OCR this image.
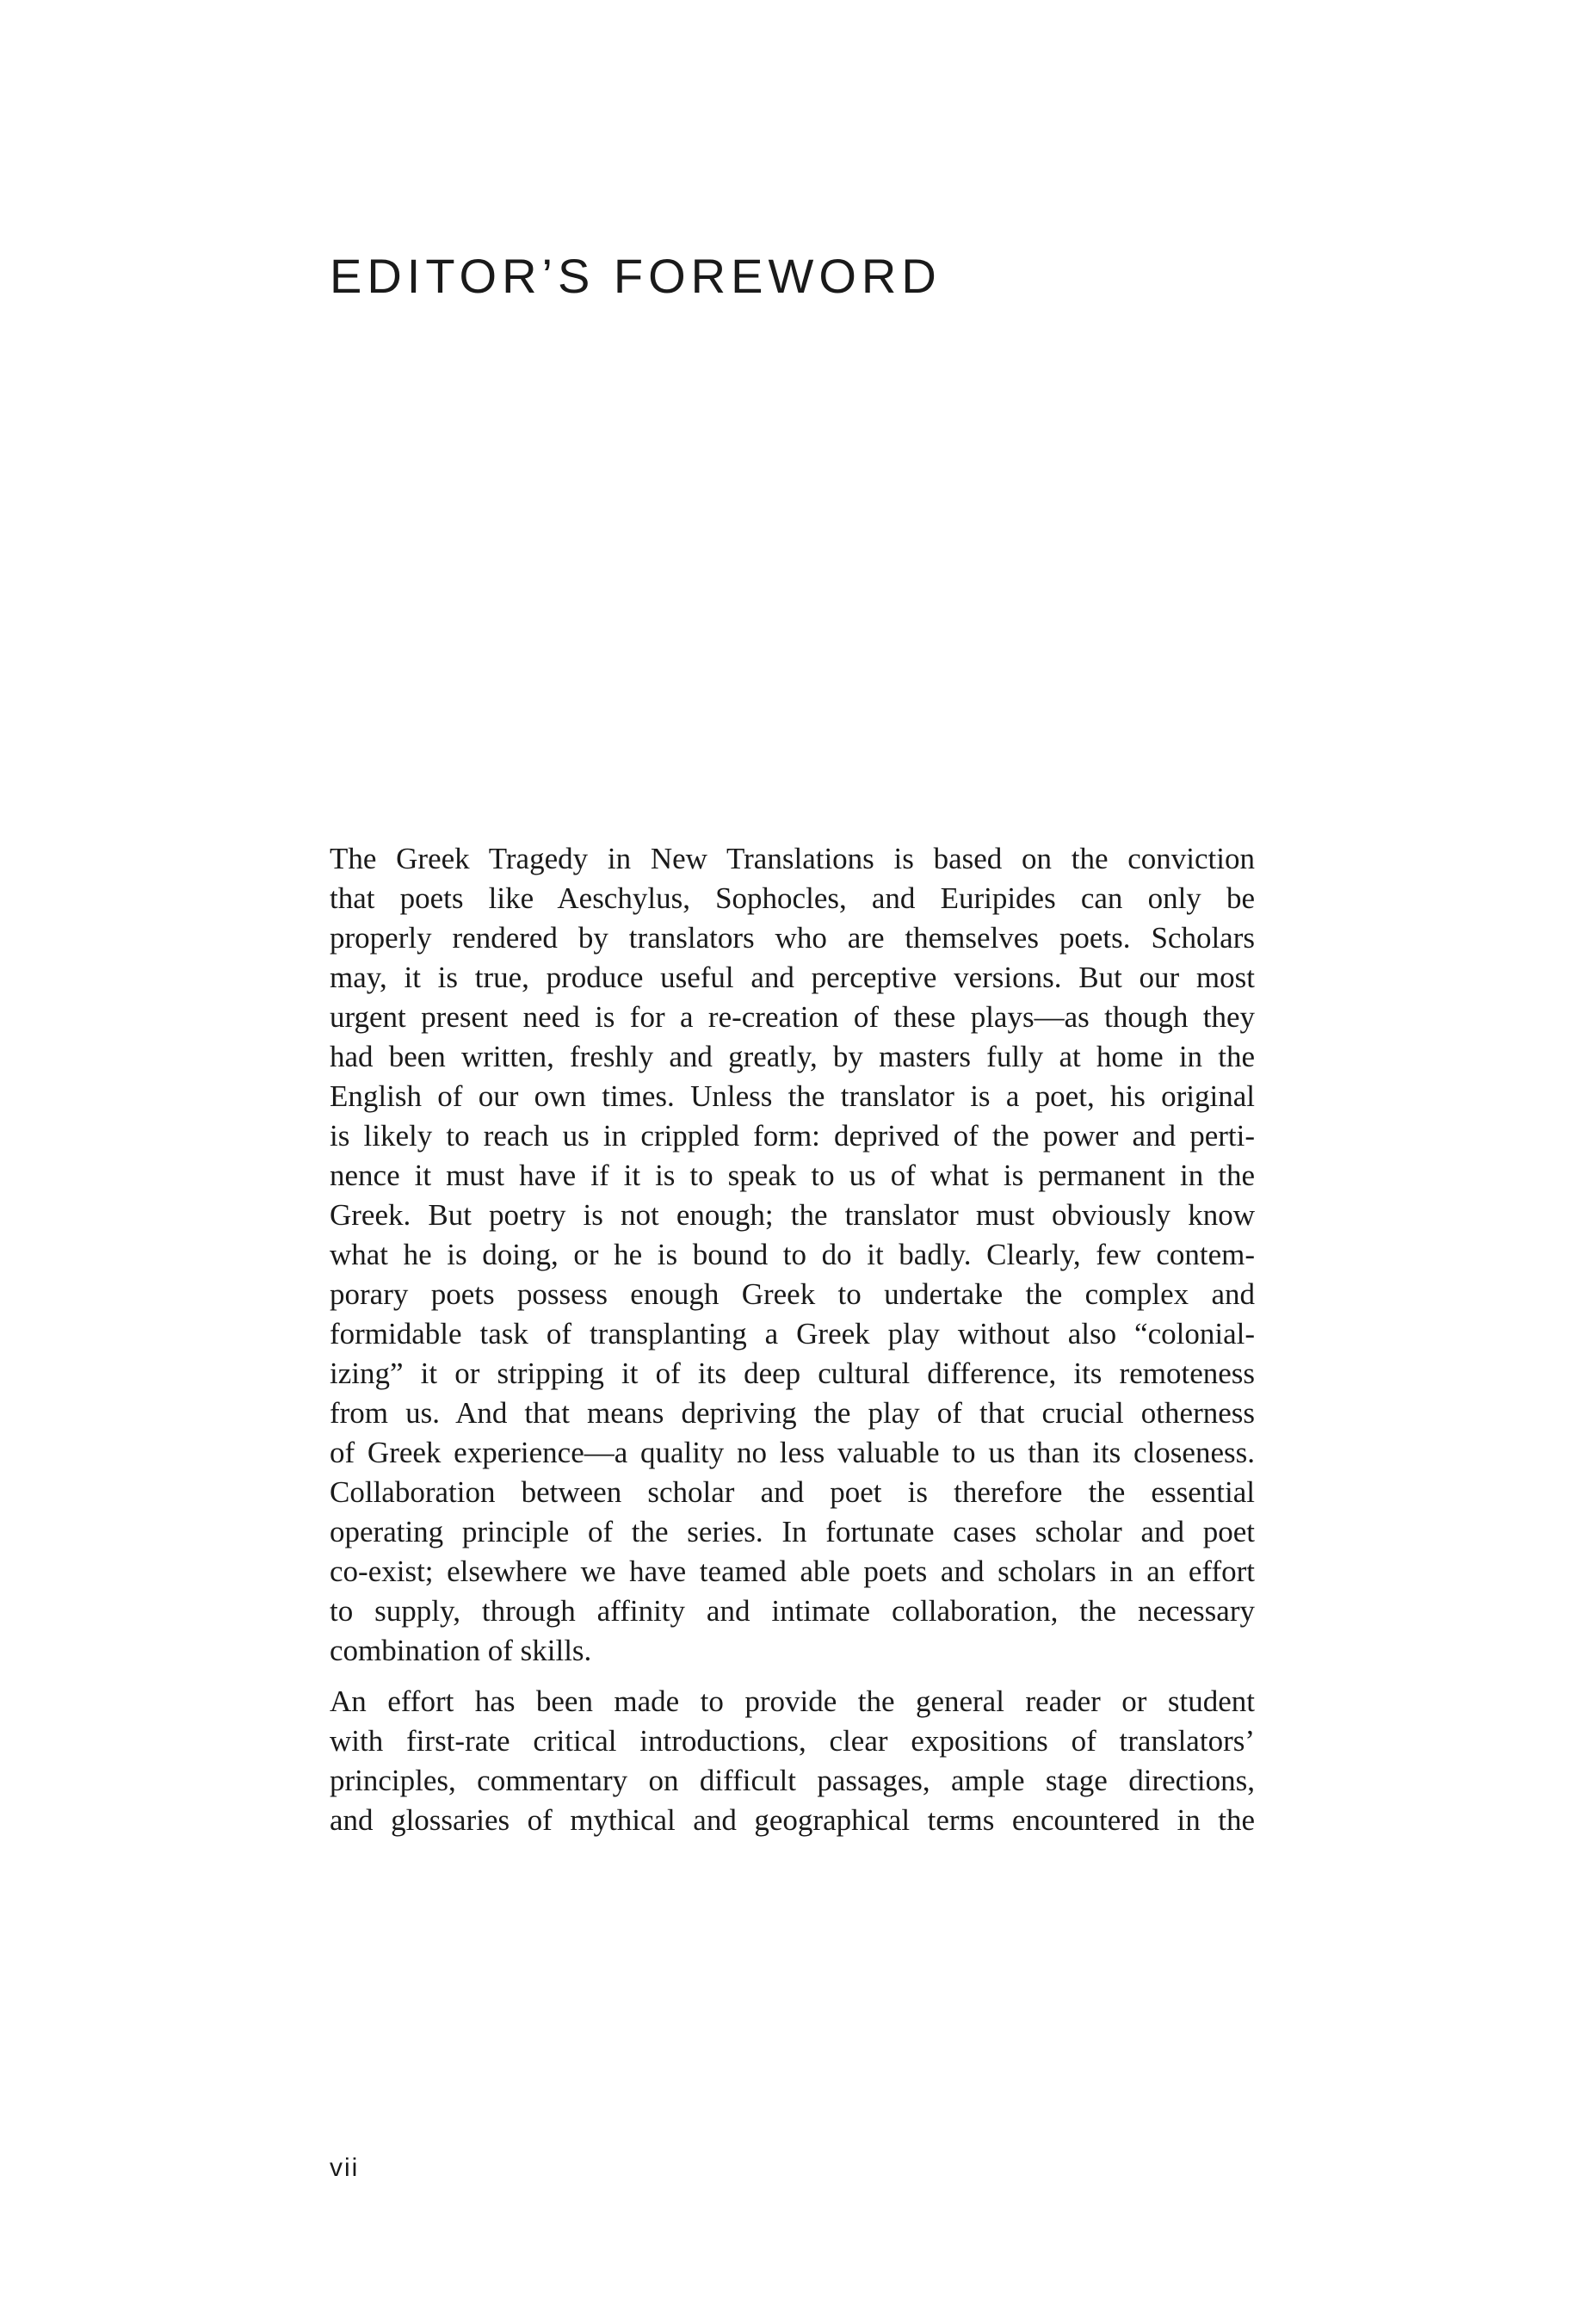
EDITOR’S FOREWORD
The Greek Tragedy in New Translations is based on the conviction
that poets like Aeschylus, Sophocles, and Euripides can only be
properly rendered by translators who are themselves poets. Scholars
may, it is true, produce useful and perceptive versions. But our most
urgent present need is for a re-creation of these plays—as though they
had been written, freshly and greatly, by masters fully at home in the
English of our own times. Unless the translator is a poet, his original
is likely to reach us in crippled form: deprived of the power and perti-
nence it must have if it is to speak to us of what is permanent in the
Greek. But poetry is not enough; the translator must obviously know
what he is doing, or he is bound to do it badly. Clearly, few contem-
porary poets possess enough Greek to undertake the complex and
formidable task of transplanting a Greek play without also “colonial-
izing” it or stripping it of its deep cultural difference, its remoteness
from us. And that means depriving the play of that crucial otherness
of Greek experience—a quality no less valuable to us than its closeness.
Collaboration between scholar and poet is therefore the essential
operating principle of the series. In fortunate cases scholar and poet
co-exist; elsewhere we have teamed able poets and scholars in an effort
to supply, through affinity and intimate collaboration, the necessary
combination of skills.
An effort has been made to provide the general reader or student
with first-rate critical introductions, clear expositions of translators’
principles, commentary on difficult passages, ample stage directions,
and glossaries of mythical and geographical terms encountered in the

vii
